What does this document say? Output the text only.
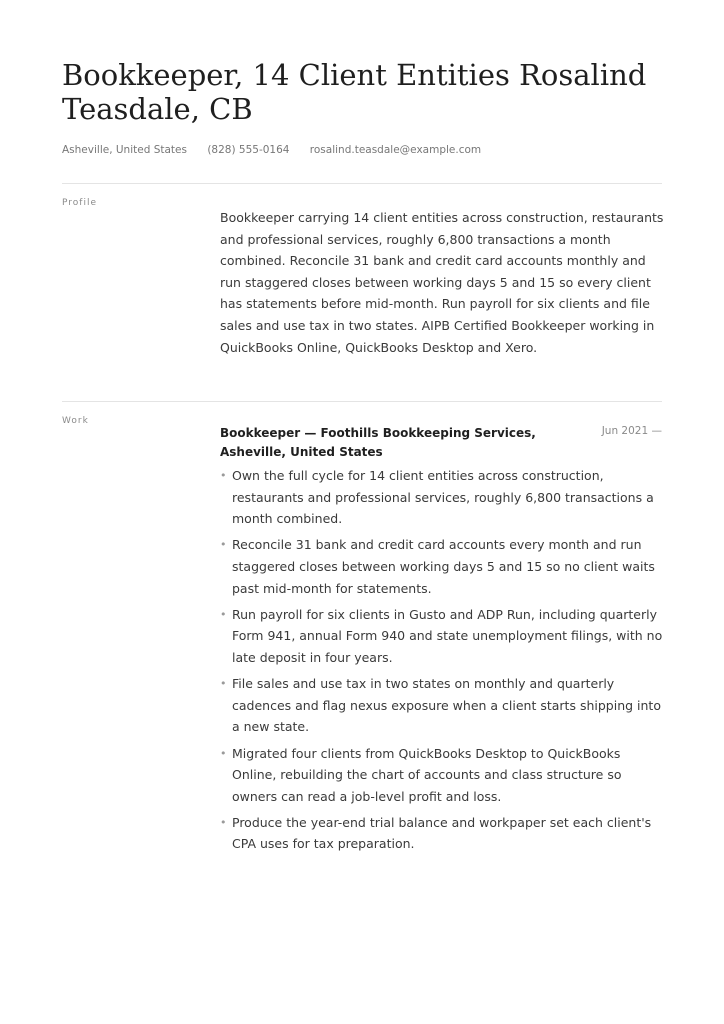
Bookkeeper, 14 Client Entities Rosalind Teasdale, CB
Asheville, United States (828) 555-0164 rosalind.teasdale@example.com
Profile

Bookkeeper carrying 14 client entities across construction, restaurants and professional services, roughly 6,800 transactions a month combined. Reconcile 31 bank and credit card accounts monthly and run staggered closes between working days 5 and 15 so every client has statements before mid-month. Run payroll for six clients and file sales and use tax in two states. AIPB Certified Bookkeeper working in QuickBooks Online, QuickBooks Desktop and Xero.

Work
Bookkeeper — Foothills Bookkeeping Services, Asheville, United States
Jun 2021 —
• Own the full cycle for 14 client entities across construction, restaurants and professional services, roughly 6,800 transactions a month combined.
• Reconcile 31 bank and credit card accounts every month and run staggered closes between working days 5 and 15 so no client waits past mid-month for statements.
• Run payroll for six clients in Gusto and ADP Run, including quarterly Form 941, annual Form 940 and state unemployment filings, with no late deposit in four years.
• File sales and use tax in two states on monthly and quarterly cadences and flag nexus exposure when a client starts shipping into a new state.
• Migrated four clients from QuickBooks Desktop to QuickBooks Online, rebuilding the chart of accounts and class structure so owners can read a job-level profit and loss.
• Produce the year-end trial balance and workpaper set each client's CPA uses for tax preparation.
